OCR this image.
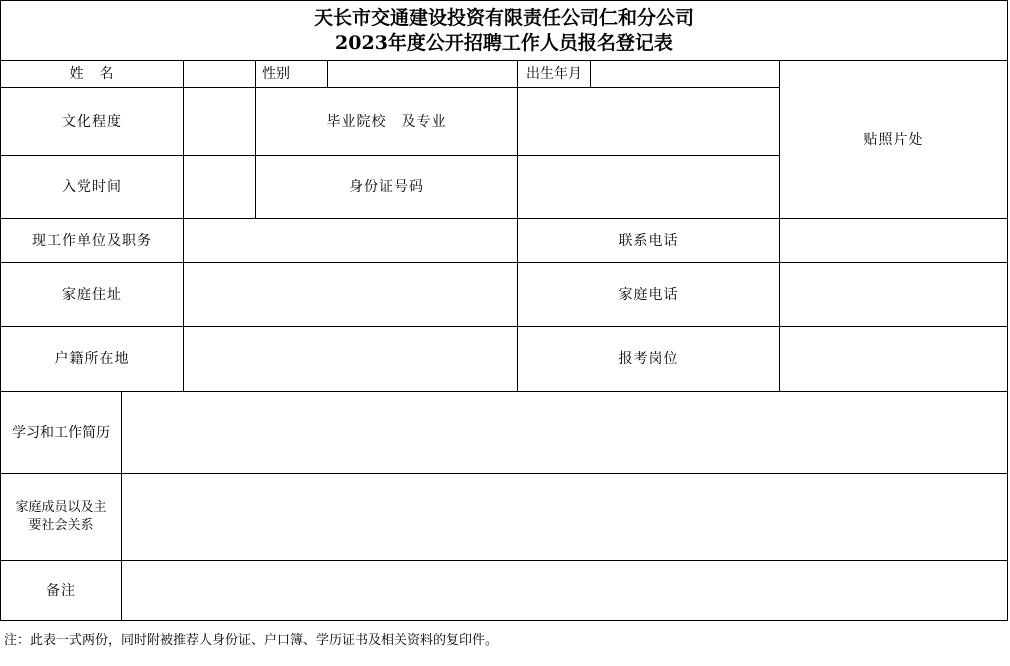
天长市交通建设投资有限责任公司仁和分公司
2023年度公开招聘工作人员报名登记表
姓　名	性别	出生年月
贴照片处
文化程度	毕业院校　及专业
入党时间	身份证号码
现工作单位及职务	联系电话
家庭住址	家庭电话
户籍所在地	报考岗位
学习和工作简历
家庭成员以及主
要社会关系
备注
注：此表一式两份，同时附被推荐人身份证、户口簿、学历证书及相关资料的复印件。
